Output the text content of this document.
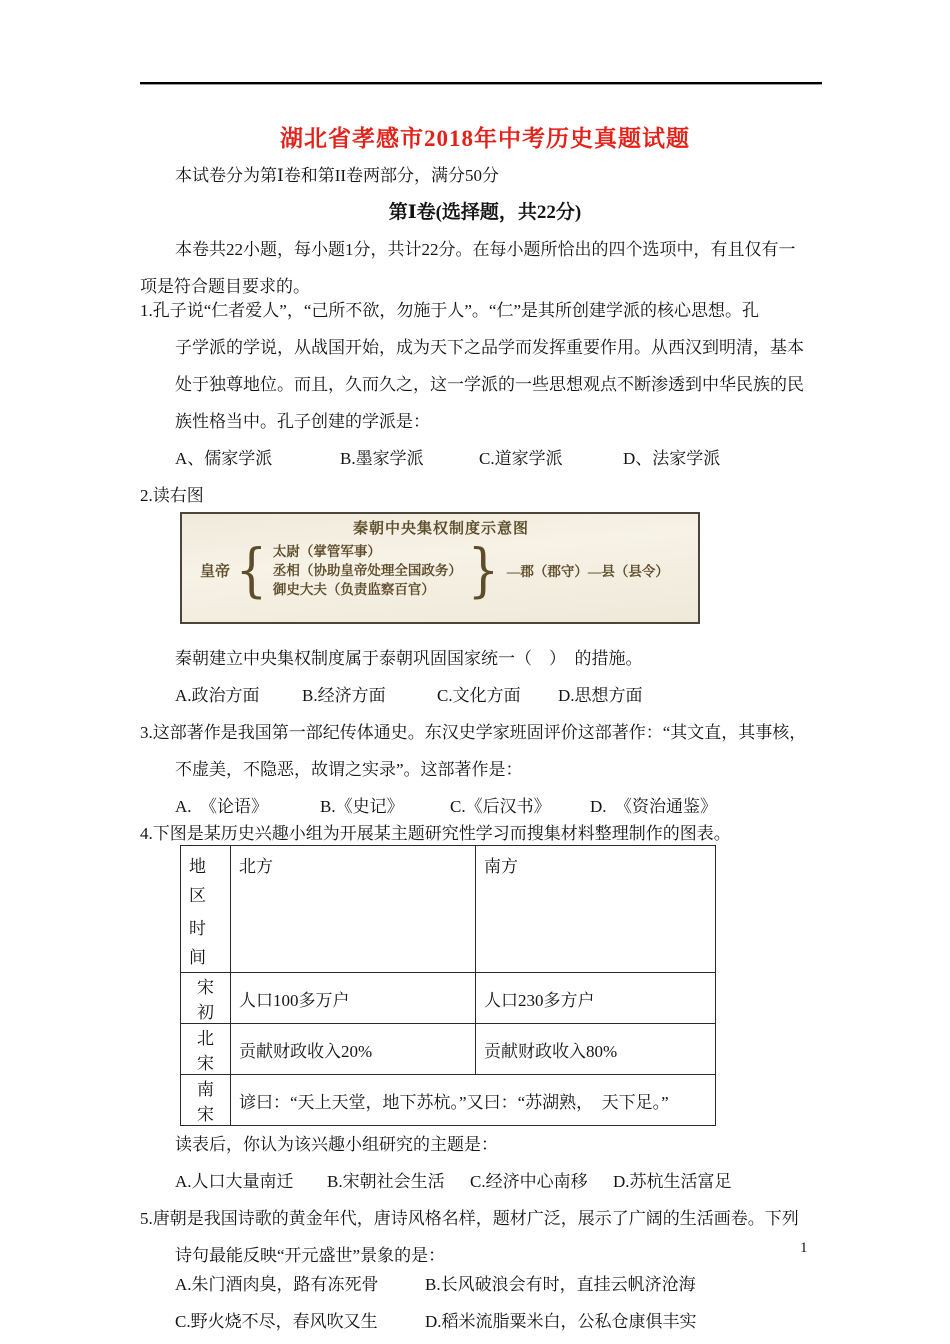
湖北省孝感市2018年中考历史真题试题

本试卷分为第Ⅰ卷和第II卷两部分，满分50分

第Ⅰ卷(选择题，共22分)

本卷共22小题，每小题1分，共计22分。在每小题所恰出的四个选项中，有且仅有一

项是符合题目要求的。

1.孔子说“仁者爱人”，“己所不欲，勿施于人”。“仁”是其所创建学派的核心思想。孔

子学派的学说，从战国开始，成为天下之品学而发挥重要作用。从西汉到明清，基本

处于独尊地位。而且，久而久之，这一学派的一些思想观点不断渗透到中华民族的民

族性格当中。孔子创建的学派是：

A、儒家学派	B.墨家学派	C.道家学派	D、法家学派

2.读右图

秦朝中央集权制度示意图
皇帝 { 太尉（掌管军事）
丞相（协助皇帝处理全国政务）
御史大夫（负责监察百官） } —郡（郡守）—县（县令）

秦朝建立中央集权制度属于泰朝巩固国家统一（　）　的措施。

A.政治方面	B.经济方面	C.文化方面	D.思想方面

3.这部著作是我国第一部纪传体通史。东汉史学家班固评价这部著作：“其文直，其事核，

不虚美，不隐恶，故谓之实录”。这部著作是：

A.　《论语》	B.《史记》	C.《后汉书》	D.　《资治通鉴》

4.下图是某历史兴趣小组为开展某主题研究性学习而搜集材料整理制作的图表。

地区
时间	北方	南方
宋初	人口100多万户	人口230多方户
北宋	贡献财政收入20%	贡献财政收入80%
南宋	谚曰：“天上天堂，地下苏杭。”又曰：“苏湖熟，　天下足。”	

读表后，你认为该兴趣小组研究的主题是：

A.人口大量南迁	B.宋朝社会生活	C.经济中心南移	D.苏杭生活富足

5.唐朝是我国诗歌的黄金年代，唐诗风格名样，题材广泛，展示了广阔的生活画卷。下列

诗句最能反映“开元盛世”景象的是：

A.朱门酒肉臭，路有冻死骨	B.长风破浪会有时，直挂云帆济沧海
C.野火烧不尽，春风吹又生	D.稻米流脂粟米白，公私仓康俱丰实
1
